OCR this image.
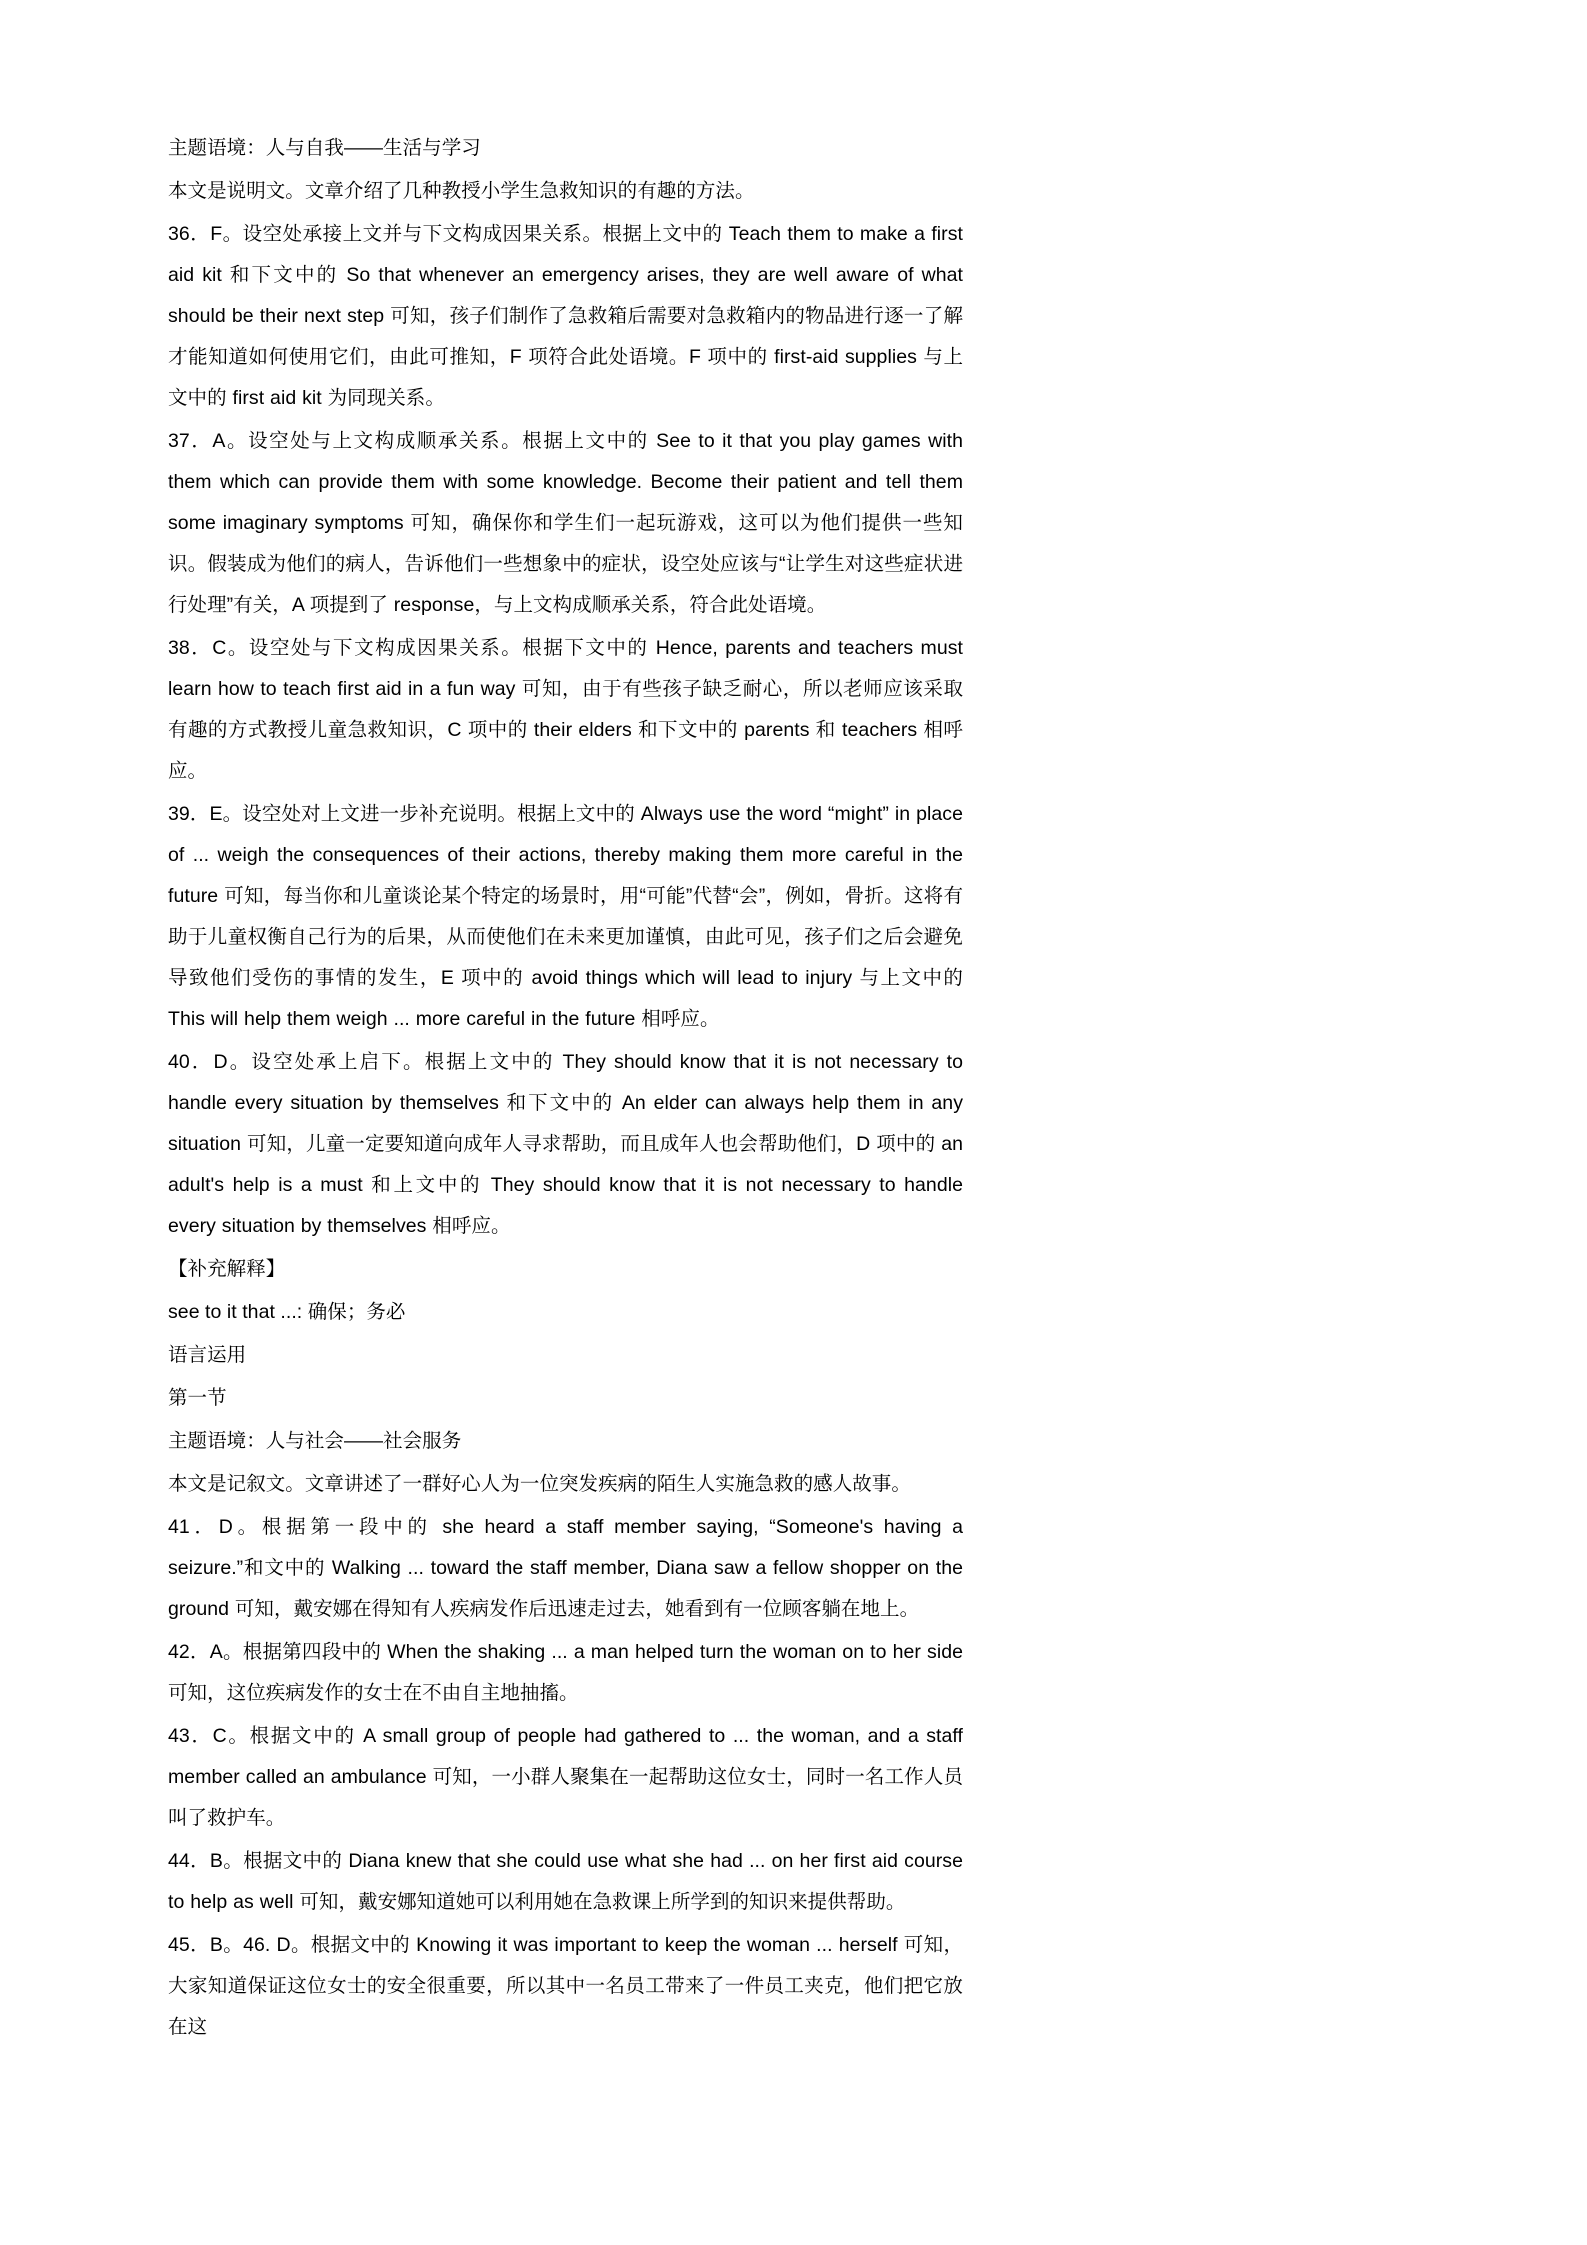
主题语境：人与自我——生活与学习

本文是说明文。文章介绍了几种教授小学生急救知识的有趣的方法。

36．F。设空处承接上文并与下文构成因果关系。根据上文中的 Teach them to make a first aid kit 和下文中的 So that whenever an emergency arises, they are well aware of what should be their next step 可知，孩子们制作了急救箱后需要对急救箱内的物品进行逐一了解才能知道如何使用它们，由此可推知，F 项符合此处语境。F 项中的 first-aid supplies 与上文中的 first aid kit 为同现关系。

37．A。设空处与上文构成顺承关系。根据上文中的 See to it that you play games with them which can provide them with some knowledge. Become their patient and tell them some imaginary symptoms 可知，确保你和学生们一起玩游戏，这可以为他们提供一些知识。假装成为他们的病人，告诉他们一些想象中的症状，设空处应该与“让学生对这些症状进行处理”有关，A 项提到了 response，与上文构成顺承关系，符合此处语境。

38．C。设空处与下文构成因果关系。根据下文中的 Hence, parents and teachers must learn how to teach first aid in a fun way 可知，由于有些孩子缺乏耐心，所以老师应该采取有趣的方式教授儿童急救知识，C 项中的 their elders 和下文中的 parents 和 teachers 相呼应。

39．E。设空处对上文进一步补充说明。根据上文中的 Always use the word “might” in place of ... weigh the consequences of their actions, thereby making them more careful in the future 可知，每当你和儿童谈论某个特定的场景时，用“可能”代替“会”，例如，骨折。这将有助于儿童权衡自己行为的后果，从而使他们在未来更加谨慎，由此可见，孩子们之后会避免导致他们受伤的事情的发生，E 项中的 avoid things which will lead to injury 与上文中的 This will help them weigh ... more careful in the future 相呼应。

40．D。设空处承上启下。根据上文中的 They should know that it is not necessary to handle every situation by themselves 和下文中的 An elder can always help them in any situation 可知，儿童一定要知道向成年人寻求帮助，而且成年人也会帮助他们，D 项中的 an adult's help is a must 和上文中的 They should know that it is not necessary to handle every situation by themselves 相呼应。

【补充解释】

see to it that ...: 确保；务必

语言运用

第一节

主题语境：人与社会——社会服务

本文是记叙文。文章讲述了一群好心人为一位突发疾病的陌生人实施急救的感人故事。

41．D。根据第一段中的 she heard a staff member saying, “Someone's having a seizure.”和文中的 Walking ... toward the staff member, Diana saw a fellow shopper on the ground 可知，戴安娜在得知有人疾病发作后迅速走过去，她看到有一位顾客躺在地上。

42．A。根据第四段中的 When the shaking ... a man helped turn the woman on to her side 可知，这位疾病发作的女士在不由自主地抽搐。

43．C。根据文中的 A small group of people had gathered to ... the woman, and a staff member called an ambulance 可知，一小群人聚集在一起帮助这位女士，同时一名工作人员叫了救护车。

44．B。根据文中的 Diana knew that she could use what she had ... on her first aid course to help as well 可知，戴安娜知道她可以利用她在急救课上所学到的知识来提供帮助。

45．B。46. D。根据文中的 Knowing it was important to keep the woman ... herself 可知，大家知道保证这位女士的安全很重要，所以其中一名员工带来了一件员工夹克，他们把它放在这
